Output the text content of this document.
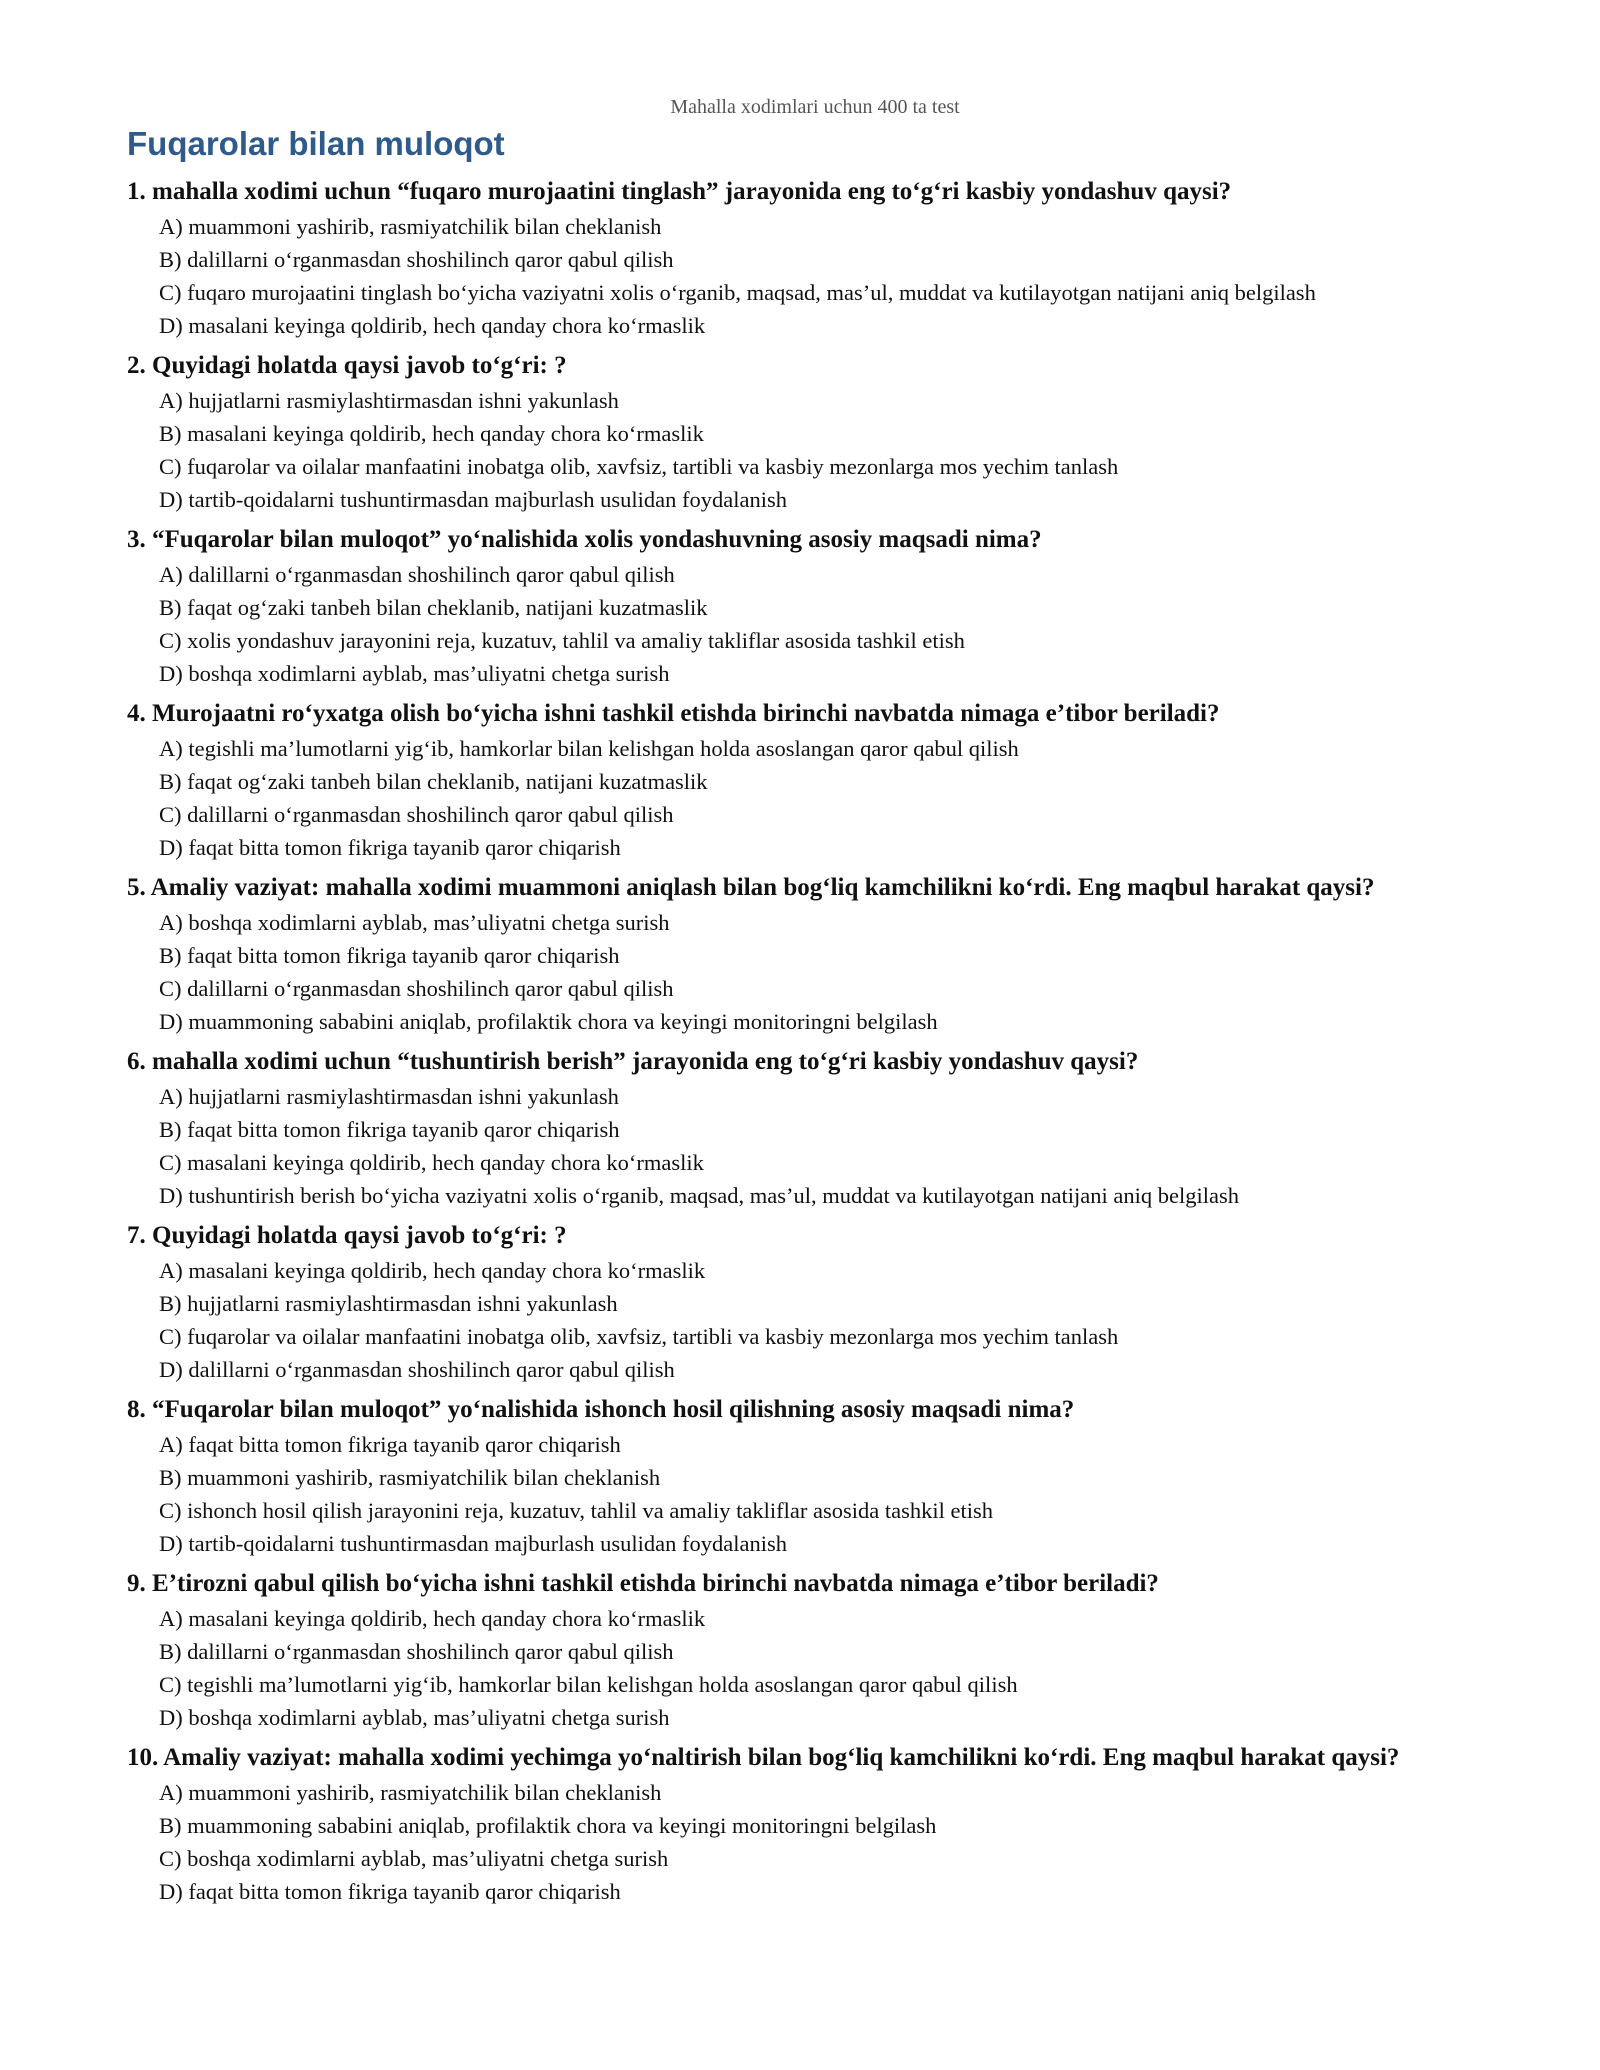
Mahalla xodimlari uchun 400 ta test
Fuqarolar bilan muloqot

1. mahalla xodimi uchun “fuqaro murojaatini tinglash” jarayonida eng to‘g‘ri kasbiy yondashuv qaysi?

A) muammoni yashirib, rasmiyatchilik bilan cheklanish
B) dalillarni o‘rganmasdan shoshilinch qaror qabul qilish
C) fuqaro murojaatini tinglash bo‘yicha vaziyatni xolis o‘rganib, maqsad, mas’ul, muddat va kutilayotgan natijani aniq belgilash
D) masalani keyinga qoldirib, hech qanday chora ko‘rmaslik

2. Quyidagi holatda qaysi javob to‘g‘ri: ?

A) hujjatlarni rasmiylashtirmasdan ishni yakunlash
B) masalani keyinga qoldirib, hech qanday chora ko‘rmaslik
C) fuqarolar va oilalar manfaatini inobatga olib, xavfsiz, tartibli va kasbiy mezonlarga mos yechim tanlash
D) tartib-qoidalarni tushuntirmasdan majburlash usulidan foydalanish

3. “Fuqarolar bilan muloqot” yo‘nalishida xolis yondashuvning asosiy maqsadi nima?

A) dalillarni o‘rganmasdan shoshilinch qaror qabul qilish
B) faqat og‘zaki tanbeh bilan cheklanib, natijani kuzatmaslik
C) xolis yondashuv jarayonini reja, kuzatuv, tahlil va amaliy takliflar asosida tashkil etish
D) boshqa xodimlarni ayblab, mas’uliyatni chetga surish

4. Murojaatni ro‘yxatga olish bo‘yicha ishni tashkil etishda birinchi navbatda nimaga e’tibor beriladi?

A) tegishli ma’lumotlarni yig‘ib, hamkorlar bilan kelishgan holda asoslangan qaror qabul qilish
B) faqat og‘zaki tanbeh bilan cheklanib, natijani kuzatmaslik
C) dalillarni o‘rganmasdan shoshilinch qaror qabul qilish
D) faqat bitta tomon fikriga tayanib qaror chiqarish

5. Amaliy vaziyat: mahalla xodimi muammoni aniqlash bilan bog‘liq kamchilikni ko‘rdi. Eng maqbul harakat qaysi?

A) boshqa xodimlarni ayblab, mas’uliyatni chetga surish
B) faqat bitta tomon fikriga tayanib qaror chiqarish
C) dalillarni o‘rganmasdan shoshilinch qaror qabul qilish
D) muammoning sababini aniqlab, profilaktik chora va keyingi monitoringni belgilash

6. mahalla xodimi uchun “tushuntirish berish” jarayonida eng to‘g‘ri kasbiy yondashuv qaysi?

A) hujjatlarni rasmiylashtirmasdan ishni yakunlash
B) faqat bitta tomon fikriga tayanib qaror chiqarish
C) masalani keyinga qoldirib, hech qanday chora ko‘rmaslik
D) tushuntirish berish bo‘yicha vaziyatni xolis o‘rganib, maqsad, mas’ul, muddat va kutilayotgan natijani aniq belgilash

7. Quyidagi holatda qaysi javob to‘g‘ri: ?

A) masalani keyinga qoldirib, hech qanday chora ko‘rmaslik
B) hujjatlarni rasmiylashtirmasdan ishni yakunlash
C) fuqarolar va oilalar manfaatini inobatga olib, xavfsiz, tartibli va kasbiy mezonlarga mos yechim tanlash
D) dalillarni o‘rganmasdan shoshilinch qaror qabul qilish

8. “Fuqarolar bilan muloqot” yo‘nalishida ishonch hosil qilishning asosiy maqsadi nima?

A) faqat bitta tomon fikriga tayanib qaror chiqarish
B) muammoni yashirib, rasmiyatchilik bilan cheklanish
C) ishonch hosil qilish jarayonini reja, kuzatuv, tahlil va amaliy takliflar asosida tashkil etish
D) tartib-qoidalarni tushuntirmasdan majburlash usulidan foydalanish

9. E’tirozni qabul qilish bo‘yicha ishni tashkil etishda birinchi navbatda nimaga e’tibor beriladi?

A) masalani keyinga qoldirib, hech qanday chora ko‘rmaslik
B) dalillarni o‘rganmasdan shoshilinch qaror qabul qilish
C) tegishli ma’lumotlarni yig‘ib, hamkorlar bilan kelishgan holda asoslangan qaror qabul qilish
D) boshqa xodimlarni ayblab, mas’uliyatni chetga surish

10. Amaliy vaziyat: mahalla xodimi yechimga yo‘naltirish bilan bog‘liq kamchilikni ko‘rdi. Eng maqbul harakat qaysi?

A) muammoni yashirib, rasmiyatchilik bilan cheklanish
B) muammoning sababini aniqlab, profilaktik chora va keyingi monitoringni belgilash
C) boshqa xodimlarni ayblab, mas’uliyatni chetga surish
D) faqat bitta tomon fikriga tayanib qaror chiqarish
